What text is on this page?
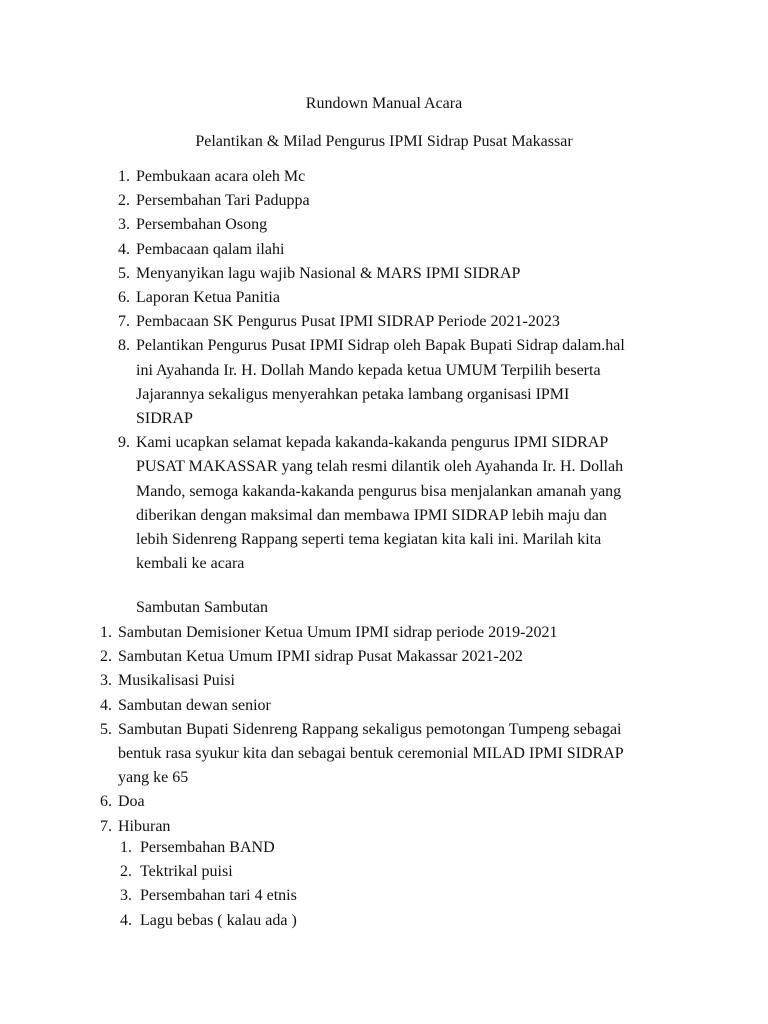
Rundown Manual Acara
Pelantikan & Milad Pengurus IPMI Sidrap Pusat Makassar
1. Pembukaan acara oleh Mc
2. Persembahan Tari Paduppa
3. Persembahan Osong
4. Pembacaan qalam ilahi
5. Menyanyikan lagu wajib Nasional & MARS IPMI SIDRAP
6. Laporan Ketua Panitia
7. Pembacaan SK Pengurus Pusat IPMI SIDRAP Periode 2021-2023
8. Pelantikan Pengurus Pusat IPMI Sidrap oleh Bapak Bupati Sidrap dalam.hal
ini Ayahanda Ir. H. Dollah Mando kepada ketua UMUM Terpilih beserta
Jajarannya sekaligus menyerahkan petaka lambang organisasi IPMI
SIDRAP
9. Kami ucapkan selamat kepada kakanda-kakanda pengurus IPMI SIDRAP
PUSAT MAKASSAR yang telah resmi dilantik oleh Ayahanda Ir. H. Dollah
Mando, semoga kakanda-kakanda pengurus bisa menjalankan amanah yang
diberikan dengan maksimal dan membawa IPMI SIDRAP lebih maju dan
lebih Sidenreng Rappang seperti tema kegiatan kita kali ini. Marilah kita
kembali ke acara
Sambutan Sambutan
1. Sambutan Demisioner Ketua Umum IPMI sidrap periode 2019-2021
2. Sambutan Ketua Umum IPMI sidrap Pusat Makassar 2021-202
3. Musikalisasi Puisi
4. Sambutan dewan senior
5. Sambutan Bupati Sidenreng Rappang sekaligus pemotongan Tumpeng sebagai
bentuk rasa syukur kita dan sebagai bentuk ceremonial MILAD IPMI SIDRAP
yang ke 65
6. Doa
7. Hiburan
1. Persembahan BAND
2. Tektrikal puisi
3. Persembahan tari 4 etnis
4. Lagu bebas ( kalau ada )
